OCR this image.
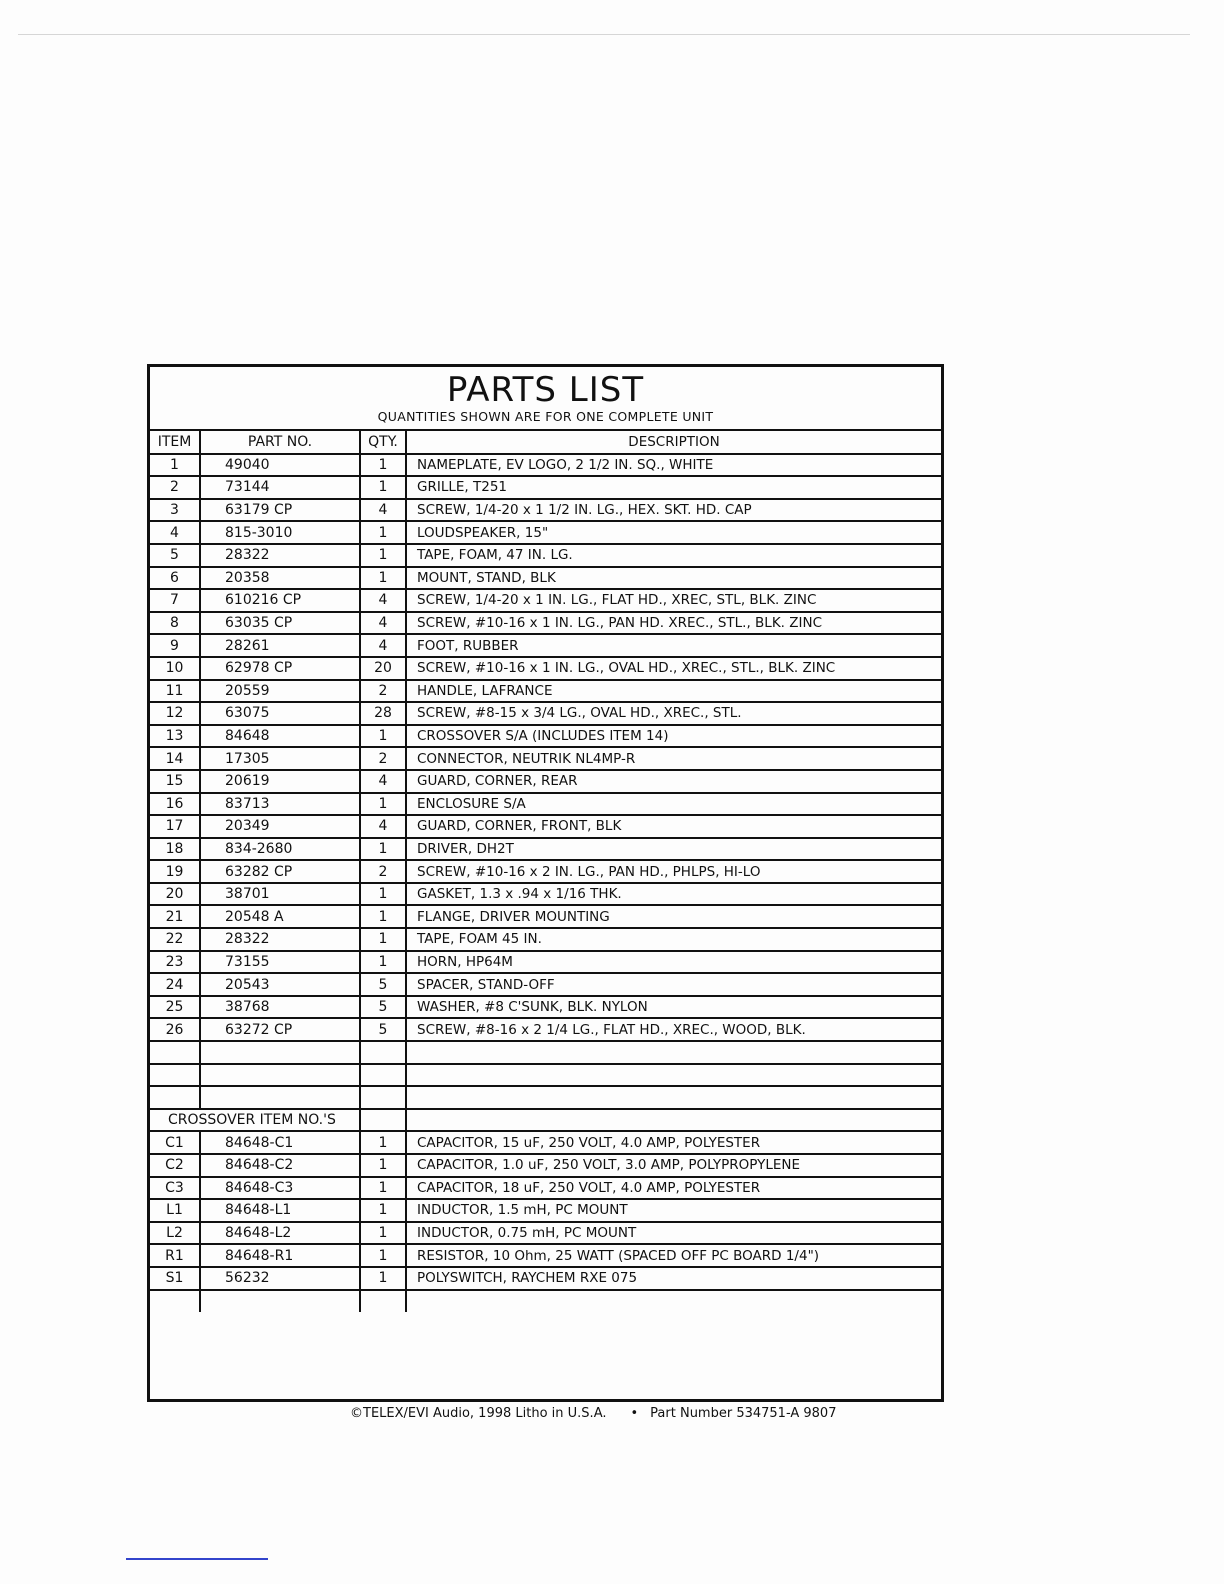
PARTS LIST
QUANTITIES SHOWN ARE FOR ONE COMPLETE UNIT
ITEM	PART NO.	QTY.	DESCRIPTION
1	49040	1	NAMEPLATE, EV LOGO, 2 1/2 IN. SQ., WHITE
2	73144	1	GRILLE, T251
3	63179 CP	4	SCREW, 1/4-20 x 1 1/2 IN. LG., HEX. SKT. HD. CAP
4	815-3010	1	LOUDSPEAKER, 15"
5	28322	1	TAPE, FOAM, 47 IN. LG.
6	20358	1	MOUNT, STAND, BLK
7	610216 CP	4	SCREW, 1/4-20 x 1 IN. LG., FLAT HD., XREC, STL, BLK. ZINC
8	63035 CP	4	SCREW, #10-16 x 1 IN. LG., PAN HD. XREC., STL., BLK. ZINC
9	28261	4	FOOT, RUBBER
10	62978 CP	20	SCREW, #10-16 x 1 IN. LG., OVAL HD., XREC., STL., BLK. ZINC
11	20559	2	HANDLE, LAFRANCE
12	63075	28	SCREW, #8-15 x 3/4 LG., OVAL HD., XREC., STL.
13	84648	1	CROSSOVER S/A (INCLUDES ITEM 14)
14	17305	2	CONNECTOR, NEUTRIK NL4MP-R
15	20619	4	GUARD, CORNER, REAR
16	83713	1	ENCLOSURE S/A
17	20349	4	GUARD, CORNER, FRONT, BLK
18	834-2680	1	DRIVER, DH2T
19	63282 CP	2	SCREW, #10-16 x 2 IN. LG., PAN HD., PHLPS, HI-LO
20	38701	1	GASKET, 1.3 x .94 x 1/16 THK.
21	20548 A	1	FLANGE, DRIVER MOUNTING
22	28322	1	TAPE, FOAM 45 IN.
23	73155	1	HORN, HP64M
24	20543	5	SPACER, STAND-OFF
25	38768	5	WASHER, #8 C'SUNK, BLK. NYLON
26	63272 CP	5	SCREW, #8-16 x 2 1/4 LG., FLAT HD., XREC., WOOD, BLK.

CROSSOVER ITEM NO.'S			
C1	84648-C1	1	CAPACITOR, 15 uF, 250 VOLT, 4.0 AMP, POLYESTER
C2	84648-C2	1	CAPACITOR, 1.0 uF, 250 VOLT, 3.0 AMP, POLYPROPYLENE
C3	84648-C3	1	CAPACITOR, 18 uF, 250 VOLT, 4.0 AMP, POLYESTER
L1	84648-L1	1	INDUCTOR, 1.5 mH, PC MOUNT
L2	84648-L2	1	INDUCTOR, 0.75 mH, PC MOUNT
R1	84648-R1	1	RESISTOR, 10 Ohm, 25 WATT (SPACED OFF PC BOARD 1/4")
S1	56232	1	POLYSWITCH, RAYCHEM RXE 075

©TELEX/EVI Audio, 1998 Litho in U.S.A. • Part Number 534751-A 9807
